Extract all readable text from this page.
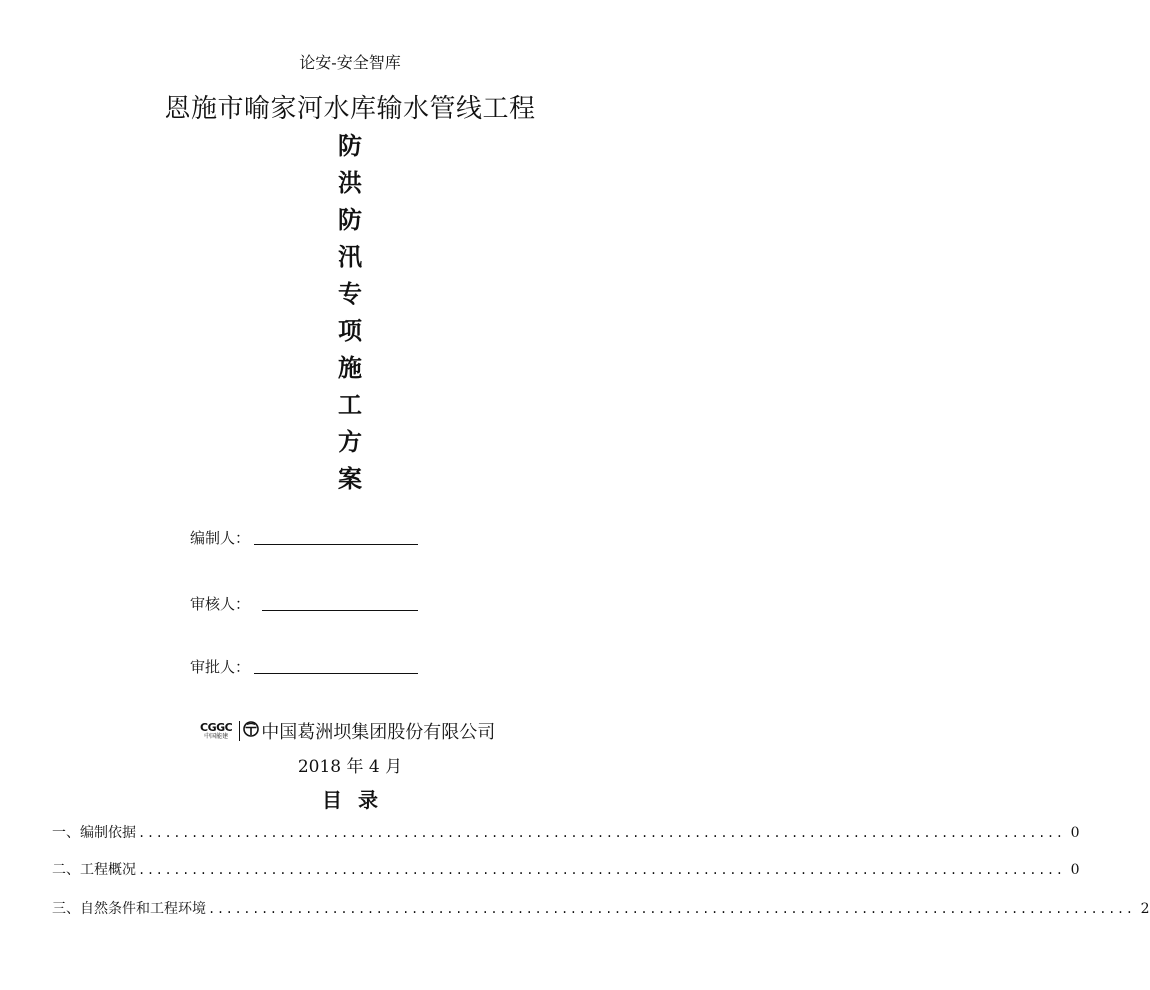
论安-安全智库
恩施市喻家河水库输水管线工程
防
洪
防
汛
专
项
施
工
方
案
编制人：
审核人：
审批人：
CGGC
中国能建 中国葛洲坝集团股份有限公司
2018 年 4 月
目录
一、编制依据 ......................................................................................................... 0
二、工程概况 ......................................................................................................... 0
三、自然条件和工程环境 ......................................................................................................... 2
